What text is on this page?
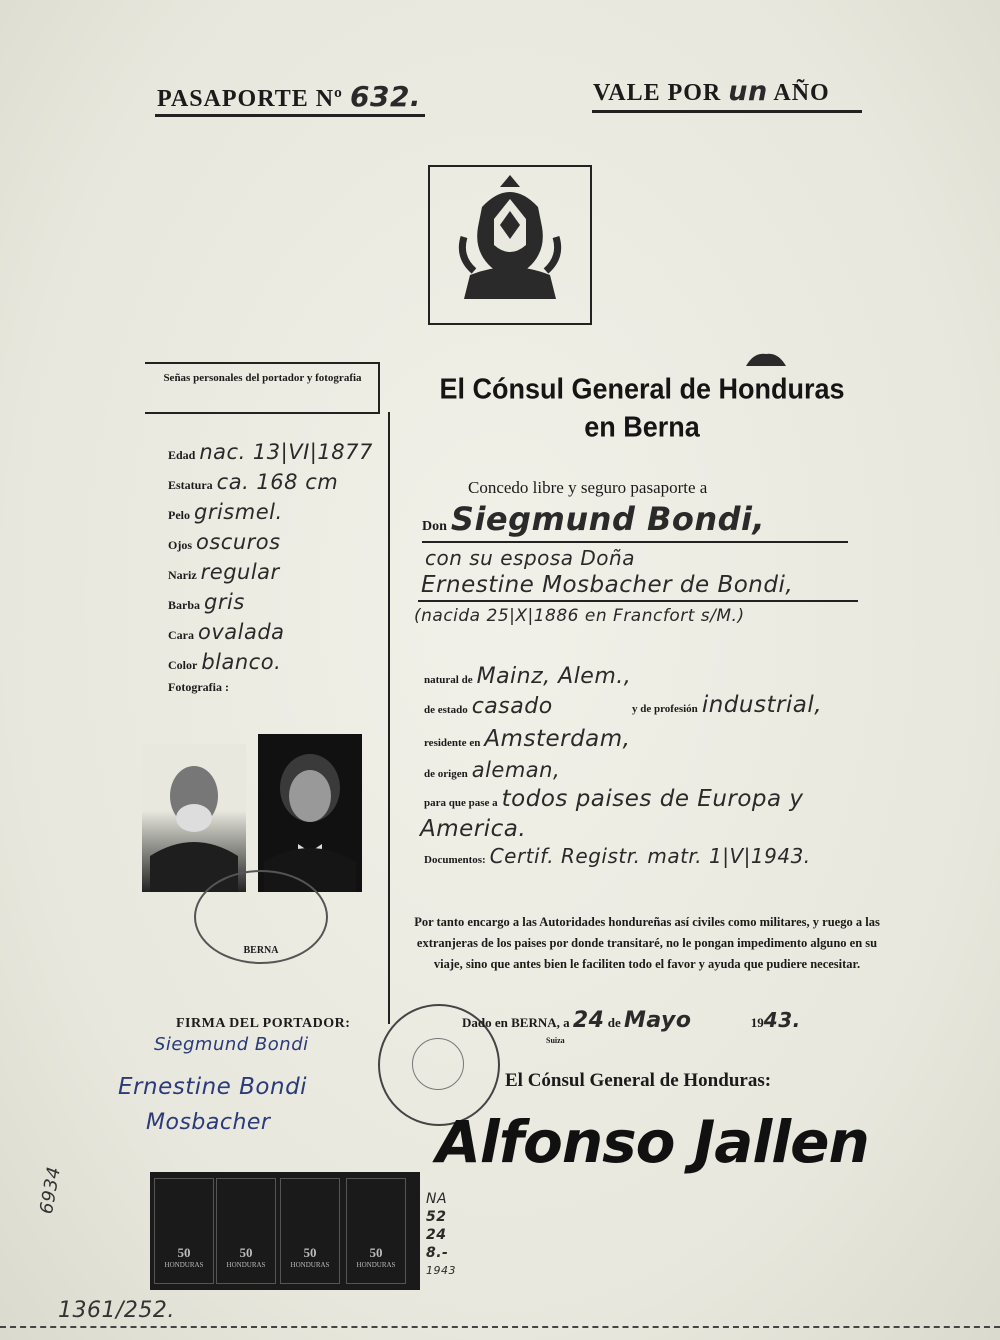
PASAPORTE Nº 632.	VALE POR un AÑO
Señas personales del portador y fotografia
Edad nac. 13|VI|1877
Estatura ca. 168 cm
Pelo grismel.
Ojos oscuros
Nariz regular
Barba gris
Cara ovalada
Color blanco.
Fotografia :
BERNA
El Cónsul General de Honduras
en Berna
Concedo libre y seguro pasaporte a
Don Siegmund Bondi,
con su esposa Doña
Ernestine Mosbacher de Bondi,
(nacida 25|X|1886 en Francfort s/M.)
natural de Mainz, Alem.,
de estado casado	y de profesión industrial,
residente en Amsterdam,
de origen aleman,
para que pase a todos paises de Europa y
America.
Documentos: Certif. Registr. matr. 1|V|1943.
Por tanto encargo a las Autoridades hondureñas así civiles como militares, y ruego a las extranjeras de los paises por donde transitaré, no le pongan impedimento alguno en su viaje, sino que antes bien le faciliten todo el favor y ayuda que pudiere necesitar.
Dado en BERNA, a 24 de Mayo	1943.
Suiza
El Cónsul General de Honduras:
Alfonso Jallen
FIRMA DEL PORTADOR:
Siegmund Bondi
Ernestine Bondi
Mosbacher
50
HONDURAS
50
HONDURAS
50
HONDURAS
50
HONDURAS
NA
52
24
8.-
1943
1361/252.
6934
